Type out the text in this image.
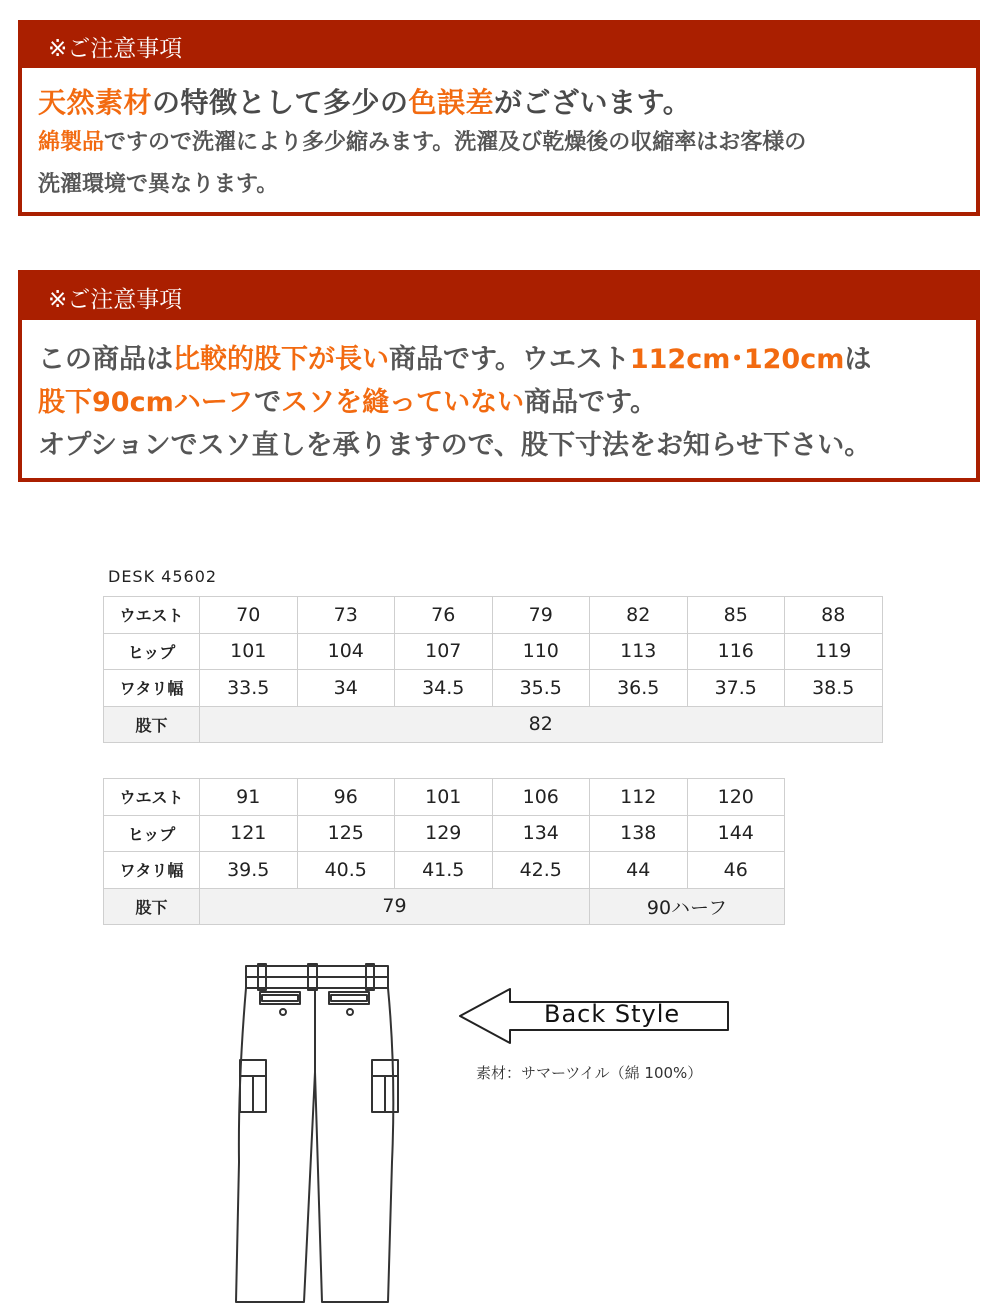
※ご注意事項
天然素材の特徴として多少の色誤差がございます。
綿製品ですので洗濯により多少縮みます。洗濯及び乾燥後の収縮率はお客様の
洗濯環境で異なります。
※ご注意事項
この商品は比較的股下が長い商品です。ウエスト112cm･120cmは
股下90cmハーフでスソを縫っていない商品です。
オプションでスソ直しを承りますので、股下寸法をお知らせ下さい。
DESK 45602
ウエスト	70	73	76	79	82	85	88
ヒップ	101	104	107	110	113	116	119
ワタリ幅	33.5	34	34.5	35.5	36.5	37.5	38.5
股下	82						
ウエスト	91	96	101	106	112	120
ヒップ	121	125	129	134	138	144
ワタリ幅	39.5	40.5	41.5	42.5	44	46
股下	79				90ハーフ	
Back Style
素材：サマーツイル（綿 100%）
